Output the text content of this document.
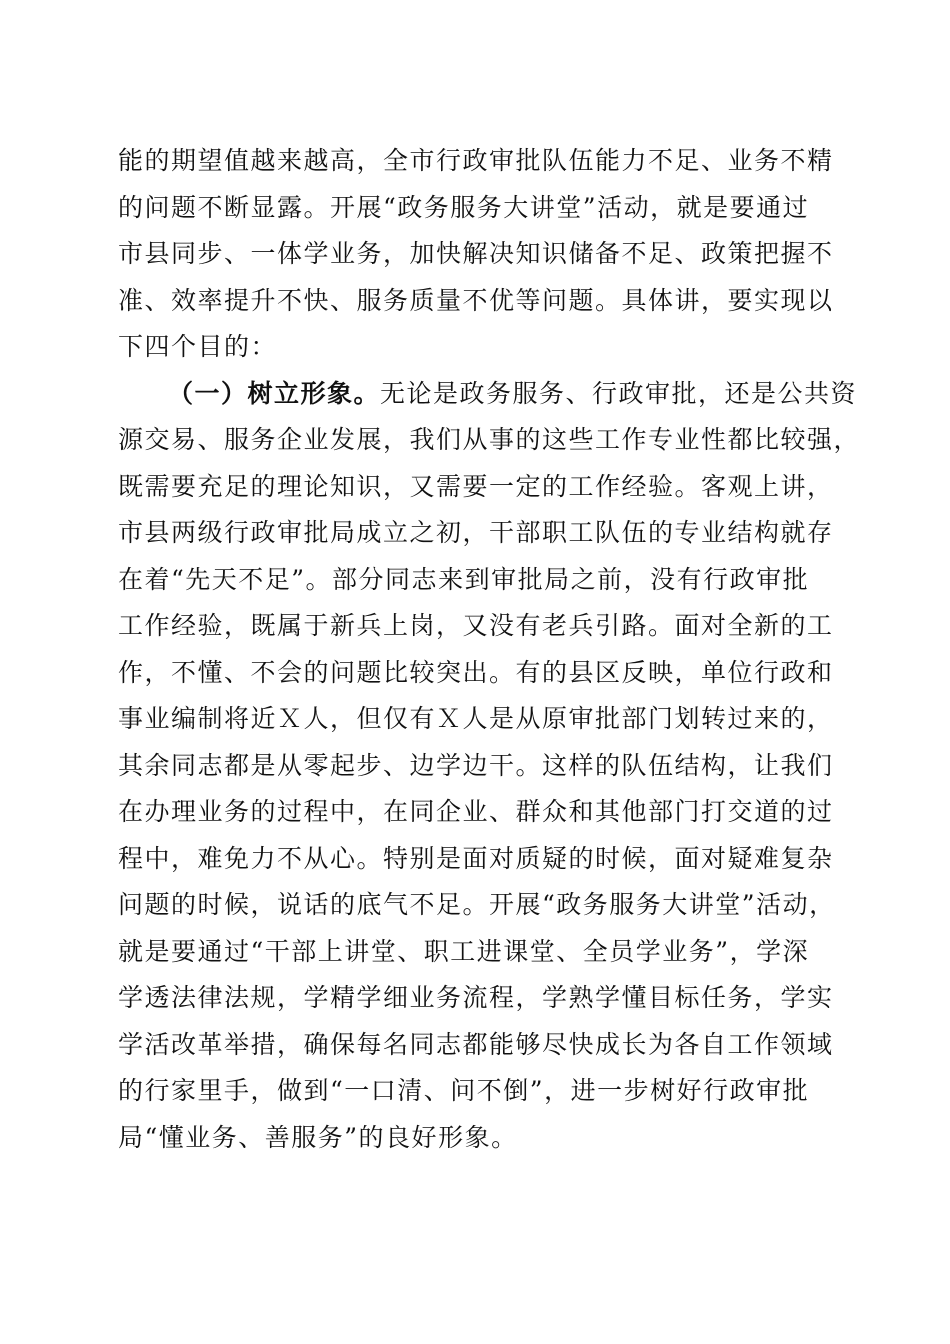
能的期望值越来越高，全市行政审批队伍能力不足、业务不精
的问题不断显露。开展“政务服务大讲堂”活动，就是要通过
市县同步、一体学业务，加快解决知识储备不足、政策把握不
准、效率提升不快、服务质量不优等问题。具体讲，要实现以
下四个目的：
（一）树立形象。无论是政务服务、行政审批，还是公共资
源交易、服务企业发展，我们从事的这些工作专业性都比较强，
既需要充足的理论知识，又需要一定的工作经验。客观上讲，
市县两级行政审批局成立之初，干部职工队伍的专业结构就存
在着“先天不足”。部分同志来到审批局之前，没有行政审批
工作经验，既属于新兵上岗，又没有老兵引路。面对全新的工
作，不懂、不会的问题比较突出。有的县区反映，单位行政和
事业编制将近Ｘ人，但仅有Ｘ人是从原审批部门划转过来的，
其余同志都是从零起步、边学边干。这样的队伍结构，让我们
在办理业务的过程中，在同企业、群众和其他部门打交道的过
程中，难免力不从心。特别是面对质疑的时候，面对疑难复杂
问题的时候，说话的底气不足。开展“政务服务大讲堂”活动，
就是要通过“干部上讲堂、职工进课堂、全员学业务”，学深
学透法律法规，学精学细业务流程，学熟学懂目标任务，学实
学活改革举措，确保每名同志都能够尽快成长为各自工作领域
的行家里手，做到“一口清、问不倒”，进一步树好行政审批
局“懂业务、善服务”的良好形象。
